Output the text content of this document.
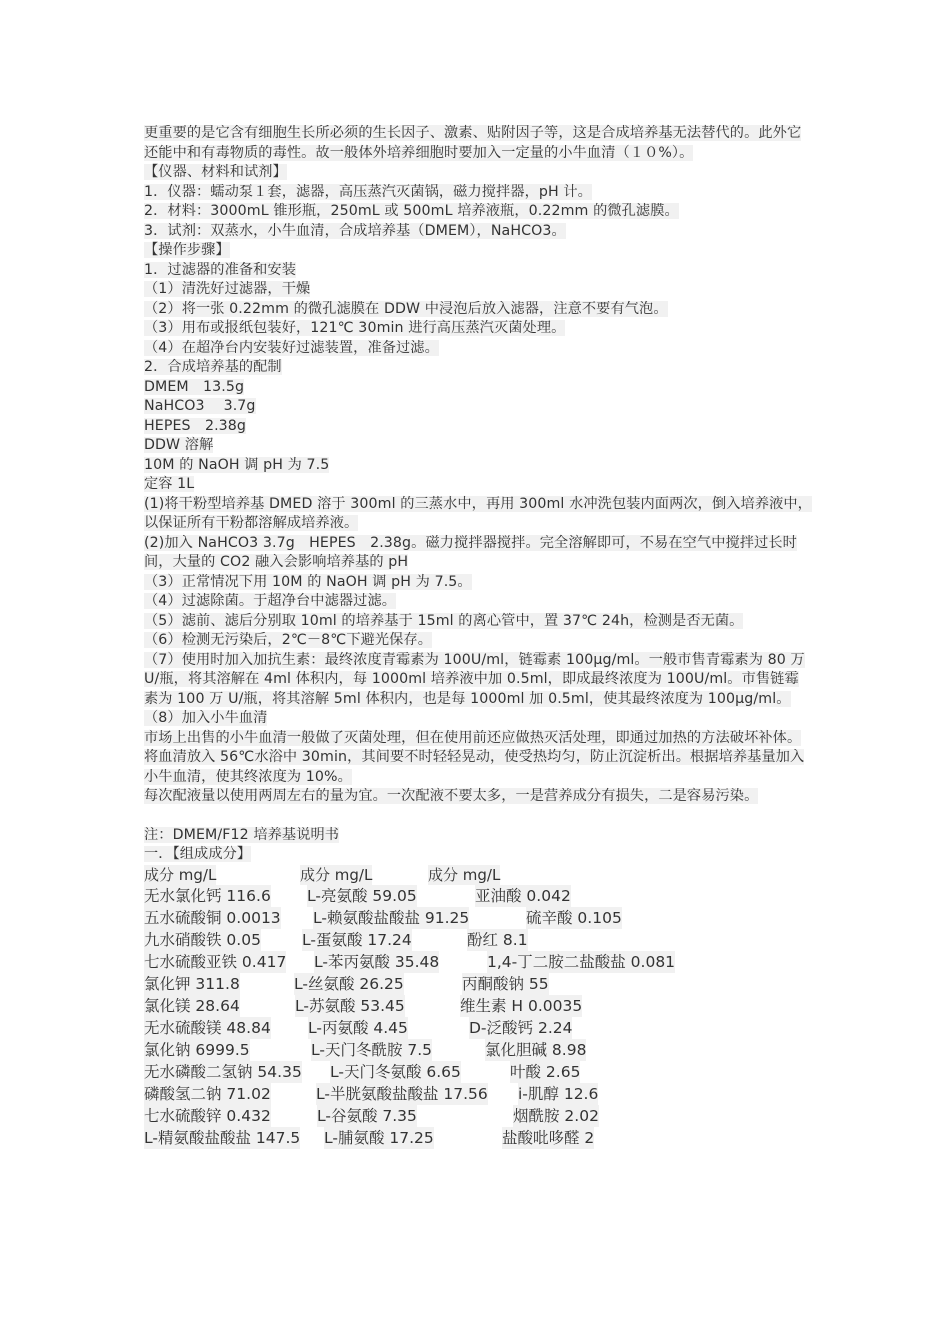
更重要的是它含有细胞生长所必须的生长因子、激素、贴附因子等，这是合成培养基无法替代的。此外它还能中和有毒物质的毒性。故一般体外培养细胞时要加入一定量的小牛血清（１０%）。

【仪器、材料和试剂】

1．仪器：蠕动泵１套，滤器，高压蒸汽灭菌锅，磁力搅拌器，pH 计。

2．材料：3000mL 锥形瓶，250mL 或 500mL 培养液瓶，0.22mm 的微孔滤膜。

3．试剂：双蒸水，小牛血清，合成培养基（DMEM），NaHCO3。

【操作步骤】

1．过滤器的准备和安装

（1）清洗好过滤器，干燥

（2）将一张 0.22mm 的微孔滤膜在 DDW 中浸泡后放入滤器，注意不要有气泡。

（3）用布或报纸包装好，121℃ 30min 进行高压蒸汽灭菌处理。

（4）在超净台内安装好过滤装置，准备过滤。

2．合成培养基的配制

DMEM　13.5g

NaHCO3　 3.7g

HEPES　2.38g

DDW 溶解

10M 的 NaOH 调 pH 为 7.5

定容 1L

(1)将干粉型培养基 DMED 溶于 300ml 的三蒸水中，再用 300ml 水冲洗包装内面两次，倒入培养液中，以保证所有干粉都溶解成培养液。

(2)加入 NaHCO3 3.7g　HEPES　2.38g。磁力搅拌器搅拌。完全溶解即可，不易在空气中搅拌过长时间，大量的 CO2 融入会影响培养基的 pH

（3）正常情况下用 10M 的 NaOH 调 pH 为 7.5。

（4）过滤除菌。于超净台中滤器过滤。

（5）滤前、滤后分别取 10ml 的培养基于 15ml 的离心管中，置 37℃ 24h，检测是否无菌。

（6）检测无污染后，2℃－8℃下避光保存。

（7）使用时加入加抗生素：最终浓度青霉素为 100U/ml，链霉素 100μg/ml。一般市售青霉素为 80 万 U/瓶，将其溶解在 4ml 体积内，每 1000ml 培养液中加 0.5ml，即成最终浓度为 100U/ml。市售链霉素为 100 万 U/瓶，将其溶解 5ml 体积内，也是每 1000ml 加 0.5ml，使其最终浓度为 100μg/ml。

（8）加入小牛血清

市场上出售的小牛血清一般做了灭菌处理，但在使用前还应做热灭活处理，即通过加热的方法破坏补体。

将血清放入 56℃水浴中 30min，其间要不时轻轻晃动，使受热均匀，防止沉淀析出。根据培养基量加入小牛血清，使其终浓度为 10%。

每次配液量以使用两周左右的量为宜。一次配液不要太多，一是营养成分有损失，二是容易污染。

注：DMEM/F12 培养基说明书

一．【组成成分】

成分 mg/L	成分 mg/L	成分 mg/L
无水氯化钙 116.6 L-亮氨酸 59.05	亚油酸 0.042
五水硫酸铜 0.0013 L-赖氨酸盐酸盐 91.25	硫辛酸 0.105
九水硝酸铁 0.05	L-蛋氨酸 17.24	酚红 8.1
七水硫酸亚铁 0.417 L-苯丙氨酸 35.48	1,4-丁二胺二盐酸盐 0.081
氯化钾 311.8	L-丝氨酸 26.25	丙酮酸钠 55
氯化镁 28.64	L-苏氨酸 53.45	维生素 H 0.0035
无水硫酸镁 48.84 L-丙氨酸 4.45	D-泛酸钙 2.24
氯化钠 6999.5	L-天门冬酰胺 7.5	氯化胆碱 8.98
无水磷酸二氢钠 54.35 L-天门冬氨酸 6.65	叶酸 2.65
磷酸氢二钠 71.02	L-半胱氨酸盐酸盐 17.56 i-肌醇 12.6
七水硫酸锌 0.432	L-谷氨酸 7.35	烟酰胺 2.02
L-精氨酸盐酸盐 147.5 L-脯氨酸 17.25	盐酸吡哆醛 2
